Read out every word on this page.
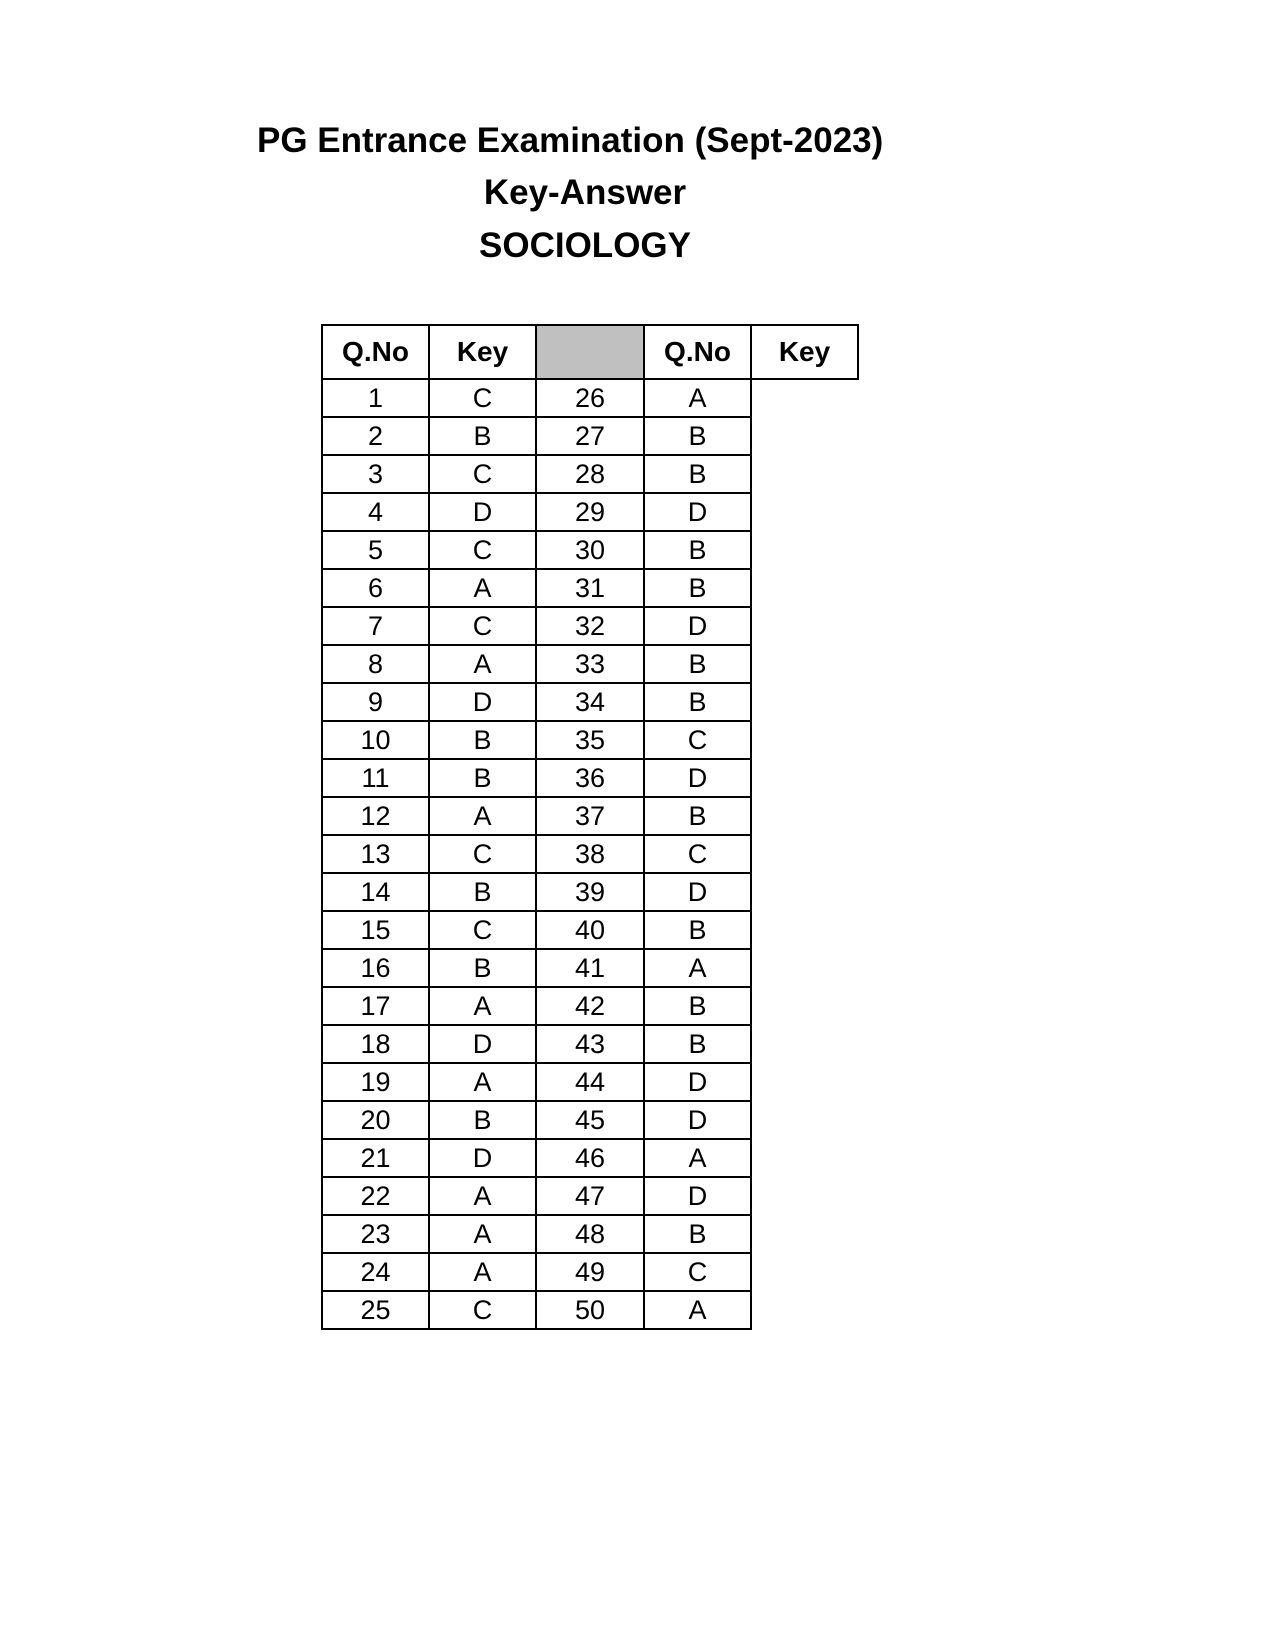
PG Entrance Examination (Sept-2023)
Key-Answer
SOCIOLOGY
Q.No	Key		Q.No	Key
1	C	26	A	
2	B	27	B	
3	C	28	B	
4	D	29	D	
5	C	30	B	
6	A	31	B	
7	C	32	D	
8	A	33	B	
9	D	34	B	
10	B	35	C	
11	B	36	D	
12	A	37	B	
13	C	38	C	
14	B	39	D	
15	C	40	B	
16	B	41	A	
17	A	42	B	
18	D	43	B	
19	A	44	D	
20	B	45	D	
21	D	46	A	
22	A	47	D	
23	A	48	B	
24	A	49	C	
25	C	50	A	
